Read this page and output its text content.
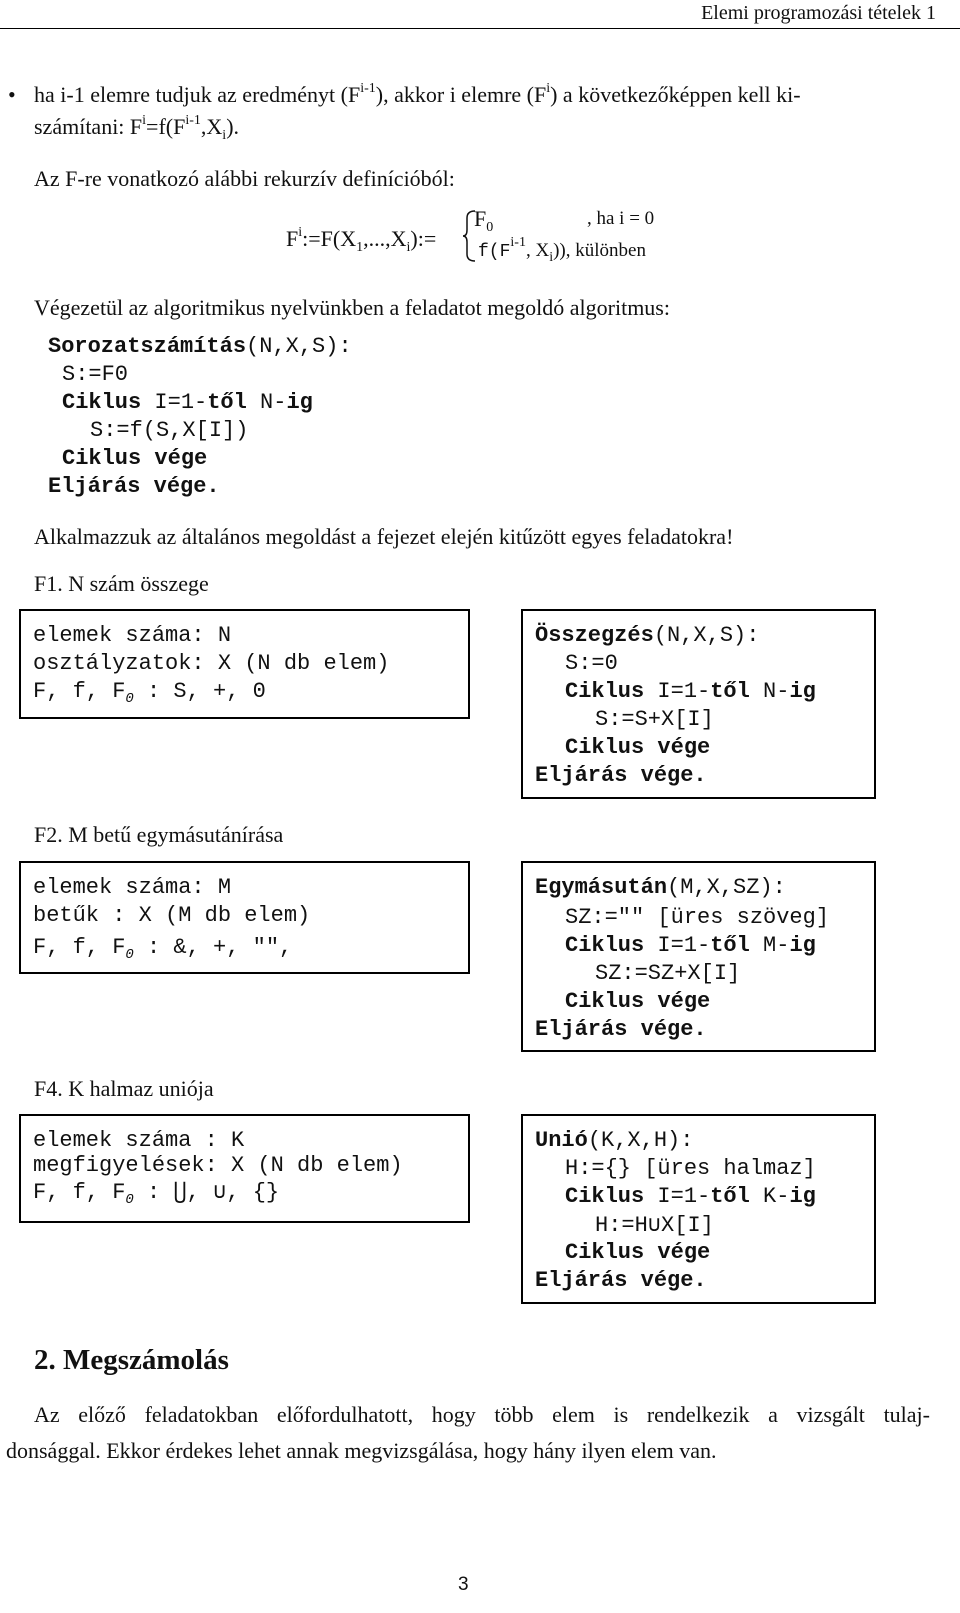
Elemi programozási tételek 1
• ha i-1 elemre tudjuk az eredményt $(F^{i-1})$, akkor i elemre $(F^i)$ a következőképpen kell ki-
számítani: $F^i=f(F^{i-1},X_i)$.
Az F-re vonatkozó alábbi rekurzív definícióból:
$F^i:=F(X_1,...,X_i):=$
$F_0$	, ha i = 0
$f(F^{i-1}$, $X_i$)), különben
Végezetül az algoritmikus nyelvünkben a feladatot megoldó algoritmus:
Sorozatszámítás(N,X,S):
S:=F0
Ciklus I=1-től N-ig
S:=f(S,X[I])
Ciklus vége
Eljárás vége.
Alkalmazzuk az általános megoldást a fejezet elején kitűzött egyes feladatokra!
F1. N szám összege
elemek száma: N
osztályzatok: X (N db elem)
F, f, $F_0$ : S, +, 0
Összegzés(N,X,S):
S:=0
Ciklus I=1-től N-ig
S:=S+X[I]
Ciklus vége
Eljárás vége.
F2. M betű egymásutánírása
elemek száma: M
betűk : X (M db elem)
F, f, $F_0$ : &, +, "",
Egymásután(M,X,SZ):
SZ:="" [üres szöveg]
Ciklus I=1-től M-ig
SZ:=SZ+X[I]
Ciklus vége
Eljárás vége.
F4. K halmaz uniója
elemek száma : K
megfigyelések: X (N db elem)
F, f, $F_0$ : ⋃, ∪, {}
Unió(K,X,H):
H:={} [üres halmaz]
Ciklus I=1-től K-ig
H:=H∪X[I]
Ciklus vége
Eljárás vége.
2. Megszámolás
Az előző feladatokban előfordulhatott, hogy több elem is rendelkezik a vizsgált tulaj-
donsággal. Ekkor érdekes lehet annak megvizsgálása, hogy hány ilyen elem van.
3
